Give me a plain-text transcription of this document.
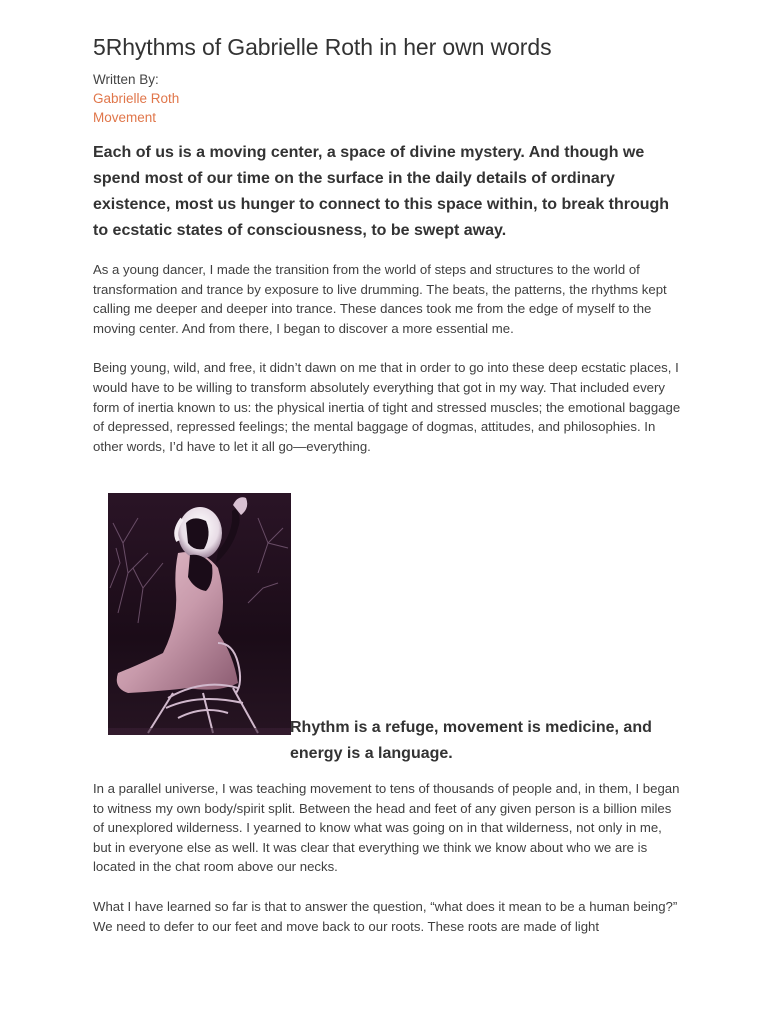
5Rhythms of Gabrielle Roth in her own words
Written By:
Gabrielle Roth
Movement
Each of us is a moving center, a space of divine mystery. And though we spend most of our time on the surface in the daily details of ordinary existence, most us hunger to connect to this space within, to break through to ecstatic states of consciousness, to be swept away.
As a young dancer, I made the transition from the world of steps and structures to the world of transformation and trance by exposure to live drumming. The beats, the patterns, the rhythms kept calling me deeper and deeper into trance. These dances took me from the edge of myself to the moving center. And from there, I began to discover a more essential me.
Being young, wild, and free, it didn’t dawn on me that in order to go into these deep ecstatic places, I would have to be willing to transform absolutely everything that got in my way. That included every form of inertia known to us: the physical inertia of tight and stressed muscles; the emotional baggage of depressed, repressed feelings; the mental baggage of dogmas, attitudes, and philosophies. In other words, I’d have to let it all go—everything.
Rhythm is a refuge, movement is medicine, and energy is a language.
In a parallel universe, I was teaching movement to tens of thousands of people and, in them, I began to witness my own body/spirit split. Between the head and feet of any given person is a billion miles of unexplored wilderness. I yearned to know what was going on in that wilderness, not only in me, but in everyone else as well. It was clear that everything we think we know about who we are is located in the chat room above our necks.
What I have learned so far is that to answer the question, “what does it mean to be a human being?” We need to defer to our feet and move back to our roots. These roots are made of light
